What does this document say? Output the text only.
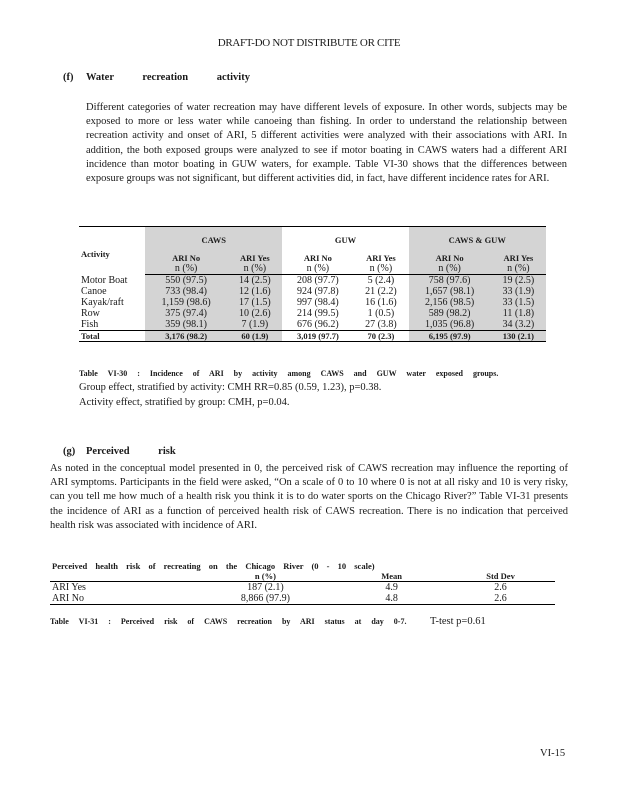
DRAFT-DO NOT DISTRIBUTE OR CITE
(f) Water recreation activity
Different categories of water recreation may have different levels of exposure. In other words, subjects may be exposed to more or less water while canoeing than fishing. In order to understand the relationship between recreation activity and onset of ARI, 5 different activities were analyzed with their associations with ARI. In addition, the both exposed groups were analyzed to see if motor boating in CAWS waters had a different ARI incidence than motor boating in GUW waters, for example. Table VI-30 shows that the differences between exposure groups was not significant, but different activities did, in fact, have different incidence rates for ARI.
Activity	CAWS		GUW		CAWS & GUW	
	ARI No	ARI Yes	ARI No	ARI Yes	ARI No	ARI Yes
	n (%)	n (%)	n (%)	n (%)	n (%)	n (%)
Motor Boat	550 (97.5)	14 (2.5)	208 (97.7)	5 (2.4)	758 (97.6)	19 (2.5)
Canoe	733 (98.4)	12 (1.6)	924 (97.8)	21 (2.2)	1,657 (98.1)	33 (1.9)
Kayak/raft	1,159 (98.6)	17 (1.5)	997 (98.4)	16 (1.6)	2,156 (98.5)	33 (1.5)
Row	375 (97.4)	10 (2.6)	214 (99.5)	1 (0.5)	589 (98.2)	11 (1.8)
Fish	359 (98.1)	7 (1.9)	676 (96.2)	27 (3.8)	1,035 (96.8)	34 (3.2)
Total	3,176 (98.2)	60 (1.9)	3,019 (97.7)	70 (2.3)	6,195 (97.9)	130 (2.1)
Table VI-30 : Incidence of ARI by activity among CAWS and GUW water exposed groups.
Group effect, stratified by activity: CMH RR=0.85 (0.59, 1.23), p=0.38.
Activity effect, stratified by group: CMH, p=0.04.
(g) Perceived risk
As noted in the conceptual model presented in 0, the perceived risk of CAWS recreation may influence the reporting of ARI symptoms. Participants in the field were asked, “On a scale of 0 to 10 where 0 is not at all risky and 10 is very risky, can you tell me how much of a health risk you think it is to do water sports on the Chicago River?” Table VI-31 presents the incidence of ARI as a function of perceived health risk of CAWS recreation. There is no indication that perceived health risk was associated with incidence of ARI.
Perceived health risk of recreating on the Chicago River (0 - 10 scale)			
	n (%)	Mean	Std Dev
ARI Yes	187 (2.1)	4.9	2.6
ARI No	8,866 (97.9)	4.8	2.6
Table VI-31 : Perceived risk of CAWS recreation by ARI status at day 0-7.	T-test p=0.61
VI-15
